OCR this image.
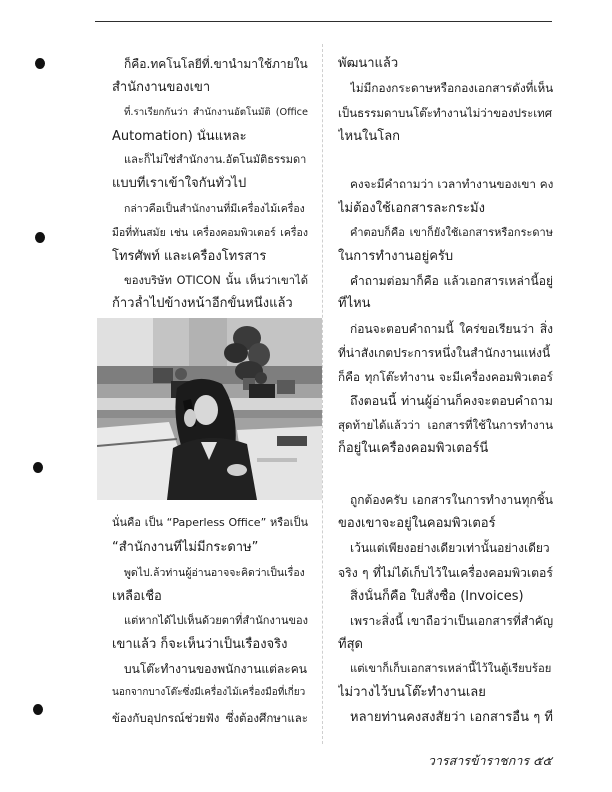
ก็คือ.ทคโนโลยีที่.ขานำมาใช้ภายใน
สำนักงานของเขา
ที่.ราเรียกกันว่า สำนักงานอัตโนมัติ (Office
Automation) นั่นแหละ
และก็ไม่ใช่สำนักงาน.อัตโนมัติธรรมดา
แบบที่เราเข้าใจกันทั่วไป
กล่าวคือเป็นสำนักงานที่มีเครื่องไม้เครื่อง
มือที่ทันสมัย เช่น เครื่องคอมพิวเตอร์ เครื่อง
โทรศัพท์ และเครื่องโทรสาร
ของบริษัท OTICON นั้น เห็นว่าเขาได้
ก้าวล้ำไปข้างหน้าอีกขั้นหนึ่งแล้ว
นั่นคือ เป็น “Paperless Office” หรือเป็น
“สำนักงานที่ไม่มีกระดาษ”
พูดไป.ล้วท่านผู้อ่านอาจจะคิดว่าเป็นเรื่อง
เหลือเชื่อ
แต่หากได้ไปเห็นด้วยตาที่สำนักงานของ
เขาแล้ว ก็จะเห็นว่าเป็นเรื่องจริง
บนโต๊ะทำงานของพนักงานแต่ละคน
นอกจากบางโต๊ะซึ่งมีเครื่องไม้เครื่องมือที่เกี่ยว
ข้องกับอุปกรณ์ช่วยฟัง ซึ่งต้องศึกษาและ
พัฒนาแล้ว
ไม่มีกองกระดาษหรือกองเอกสารดังที่เห็น
เป็นธรรมดาบนโต๊ะทำงานไม่ว่าของประเทศ
ไหนในโลก
คงจะมีคำถามว่า เวลาทำงานของเขา คง
ไม่ต้องใช้เอกสารละกระมัง
คำตอบก็คือ เขาก็ยังใช้เอกสารหรือกระดาษ
ในการทำงานอยู่ครับ
คำถามต่อมาก็คือ แล้วเอกสารเหล่านี้อยู่
ที่ไหน
ก่อนจะตอบคำถามนี้ ใคร่ขอเรียนว่า สิ่ง
ที่น่าสังเกตประการหนึ่งในสำนักงานแห่งนี้
ก็คือ ทุกโต๊ะทำงาน จะมีเครื่องคอมพิวเตอร์
ถึงตอนนี้ ท่านผู้อ่านก็คงจะตอบคำถาม
สุดท้ายได้แล้วว่า เอกสารที่ใช้ในการทำงาน
ก็อยู่ในเครื่องคอมพิวเตอร์นี่
ถูกต้องครับ เอกสารในการทำงานทุกชิ้น
ของเขาจะอยู่ในคอมพิวเตอร์
เว้นแต่เพียงอย่างเดียวเท่านั้นอย่างเดียว
จริง ๆ ที่ไม่ได้เก็บไว้ในเครื่องคอมพิวเตอร์
สิ่งนั้นก็คือ ใบสั่งซื้อ (Invoices)
เพราะสิ่งนี้ เขาถือว่าเป็นเอกสารที่สำคัญ
ที่สุด
แต่เขาก็เก็บเอกสารเหล่านี้ไว้ในตู้เรียบร้อย
ไม่วางไว้บนโต๊ะทำงานเลย
หลายท่านคงสงสัยว่า เอกสารอื่น ๆ ที่
วารสารข้าราชการ ๕๕
